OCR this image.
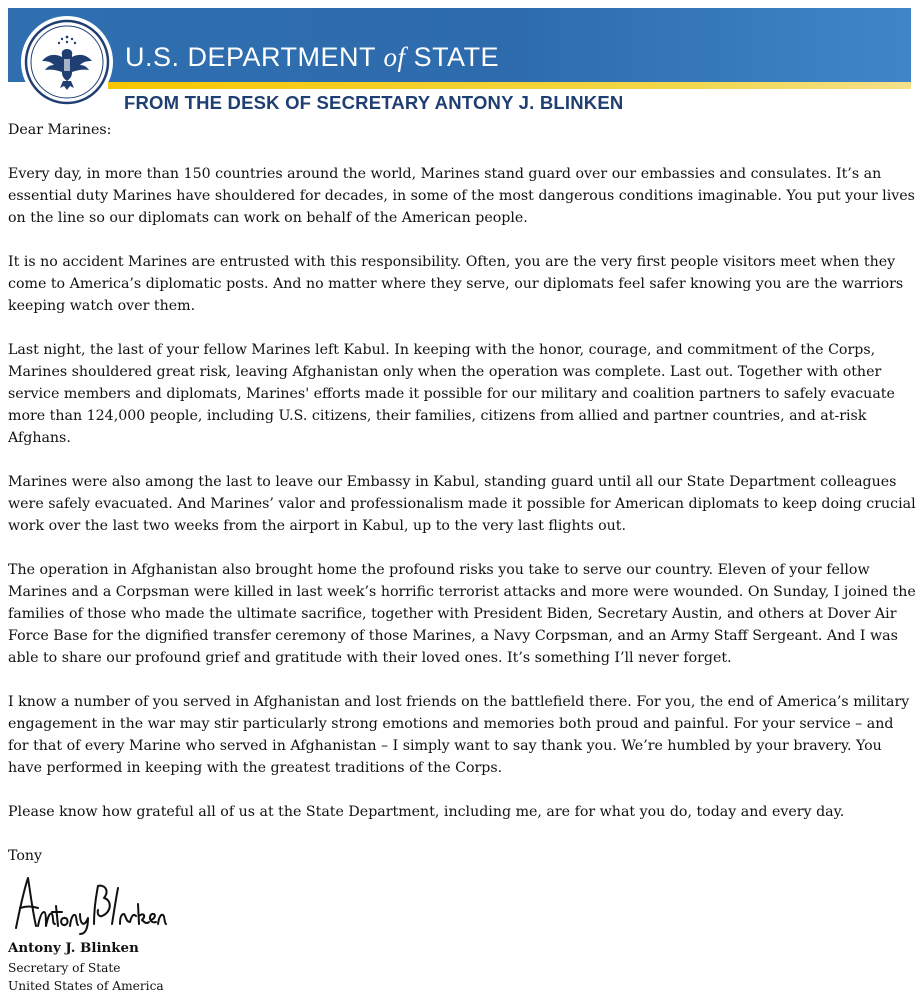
U.S. DEPARTMENT of STATE
FROM THE DESK OF SECRETARY ANTONY J. BLINKEN

Dear Marines:

Every day, in more than 150 countries around the world, Marines stand guard over our embassies and consulates. It’s an essential duty Marines have shouldered for decades, in some of the most dangerous conditions imaginable. You put your lives on the line so our diplomats can work on behalf of the American people.

It is no accident Marines are entrusted with this responsibility. Often, you are the very first people visitors meet when they come to America’s diplomatic posts. And no matter where they serve, our diplomats feel safer knowing you are the warriors keeping watch over them.

Last night, the last of your fellow Marines left Kabul. In keeping with the honor, courage, and commitment of the Corps, Marines shouldered great risk, leaving Afghanistan only when the operation was complete. Last out. Together with other service members and diplomats, Marines' efforts made it possible for our military and coalition partners to safely evacuate more than 124,000 people, including U.S. citizens, their families, citizens from allied and partner countries, and at-risk Afghans.

Marines were also among the last to leave our Embassy in Kabul, standing guard until all our State Department colleagues were safely evacuated. And Marines’ valor and professionalism made it possible for American diplomats to keep doing crucial work over the last two weeks from the airport in Kabul, up to the very last flights out.

The operation in Afghanistan also brought home the profound risks you take to serve our country. Eleven of your fellow Marines and a Corpsman were killed in last week’s horrific terrorist attacks and more were wounded. On Sunday, I joined the families of those who made the ultimate sacrifice, together with President Biden, Secretary Austin, and others at Dover Air Force Base for the dignified transfer ceremony of those Marines, a Navy Corpsman, and an Army Staff Sergeant. And I was able to share our profound grief and gratitude with their loved ones. It’s something I’ll never forget.

I know a number of you served in Afghanistan and lost friends on the battlefield there. For you, the end of America’s military engagement in the war may stir particularly strong emotions and memories both proud and painful. For your service – and for that of every Marine who served in Afghanistan – I simply want to say thank you. We’re humbled by your bravery. You have performed in keeping with the greatest traditions of the Corps.

Please know how grateful all of us at the State Department, including me, are for what you do, today and every day.

Tony

Antony J. Blinken

Secretary of State

United States of America
